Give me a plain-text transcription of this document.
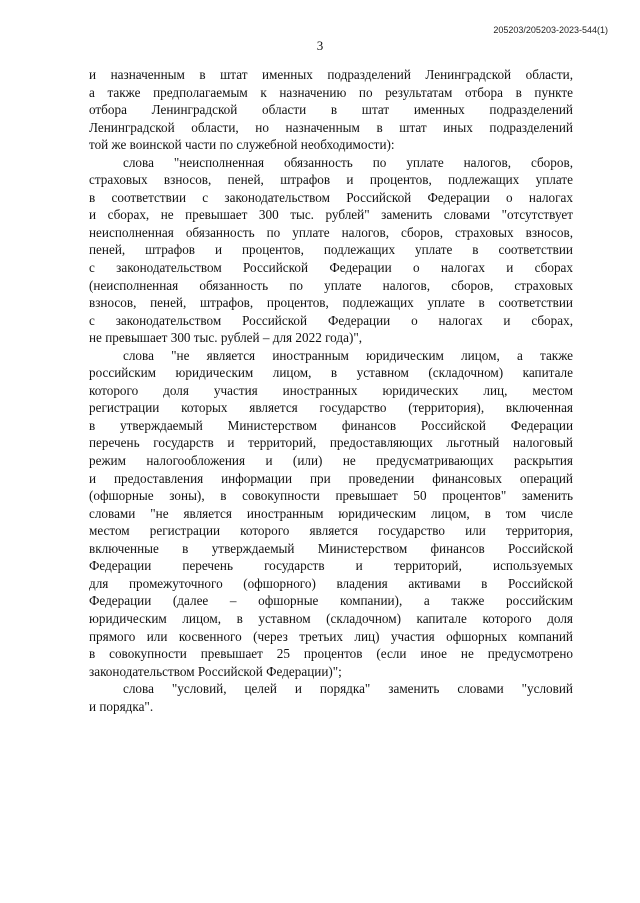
205203/205203-2023-544(1)
3
и назначенным в штат именных подразделений Ленинградской области,
а также предполагаемым к назначению по результатам отбора в пункте
отбора Ленинградской области в штат именных подразделений
Ленинградской области, но назначенным в штат иных подразделений
той же воинской части по служебной необходимости):
слова "неисполненная обязанность по уплате налогов, сборов,
страховых взносов, пеней, штрафов и процентов, подлежащих уплате
в соответствии с законодательством Российской Федерации о налогах
и сборах, не превышает 300 тыс. рублей" заменить словами "отсутствует
неисполненная обязанность по уплате налогов, сборов, страховых взносов,
пеней, штрафов и процентов, подлежащих уплате в соответствии
с законодательством Российской Федерации о налогах и сборах
(неисполненная обязанность по уплате налогов, сборов, страховых
взносов, пеней, штрафов, процентов, подлежащих уплате в соответствии
с законодательством Российской Федерации о налогах и сборах,
не превышает 300 тыс. рублей – для 2022 года)",
слова "не является иностранным юридическим лицом, а также
российским юридическим лицом, в уставном (складочном) капитале
которого доля участия иностранных юридических лиц, местом
регистрации которых является государство (территория), включенная
в утверждаемый Министерством финансов Российской Федерации
перечень государств и территорий, предоставляющих льготный налоговый
режим налогообложения и (или) не предусматривающих раскрытия
и предоставления информации при проведении финансовых операций
(офшорные зоны), в совокупности превышает 50 процентов" заменить
словами "не является иностранным юридическим лицом, в том числе
местом регистрации которого является государство или территория,
включенные в утверждаемый Министерством финансов Российской
Федерации перечень государств и территорий, используемых
для промежуточного (офшорного) владения активами в Российской
Федерации (далее – офшорные компании), а также российским
юридическим лицом, в уставном (складочном) капитале которого доля
прямого или косвенного (через третьих лиц) участия офшорных компаний
в совокупности превышает 25 процентов (если иное не предусмотрено
законодательством Российской Федерации)";
слова "условий, целей и порядка" заменить словами "условий
и порядка".
